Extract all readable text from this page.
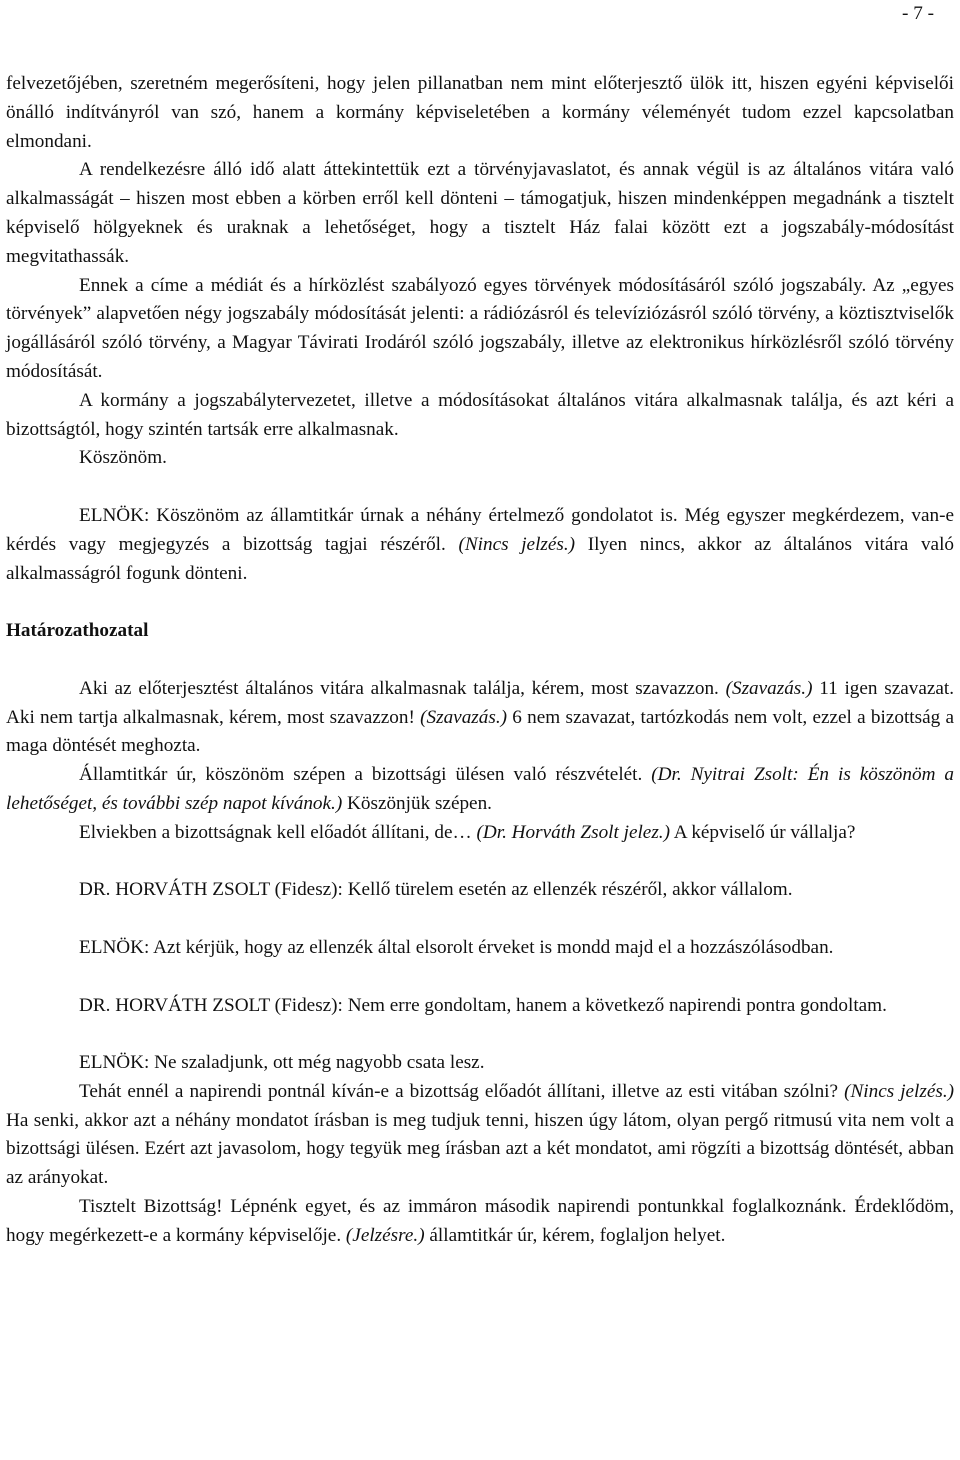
- 7 -

felvezetőjében, szeretném megerősíteni, hogy jelen pillanatban nem mint előterjesztő ülök itt, hiszen egyéni képviselői önálló indítványról van szó, hanem a kormány képviseletében a kormány véleményét tudom ezzel kapcsolatban elmondani.

A rendelkezésre álló idő alatt áttekintettük ezt a törvényjavaslatot, és annak végül is az általános vitára való alkalmasságát – hiszen most ebben a körben erről kell dönteni – támogatjuk, hiszen mindenképpen megadnánk a tisztelt képviselő hölgyeknek és uraknak a lehetőséget, hogy a tisztelt Ház falai között ezt a jogszabály-módosítást megvitathassák.

Ennek a címe a médiát és a hírközlést szabályozó egyes törvények módosításáról szóló jogszabály. Az „egyes törvények” alapvetően négy jogszabály módosítását jelenti: a rádiózásról és televíziózásról szóló törvény, a köztisztviselők jogállásáról szóló törvény, a Magyar Távirati Irodáról szóló jogszabály, illetve az elektronikus hírközlésről szóló törvény módosítását.

A kormány a jogszabálytervezetet, illetve a módosításokat általános vitára alkalmasnak találja, és azt kéri a bizottságtól, hogy szintén tartsák erre alkalmasnak.

Köszönöm.

ELNÖK: Köszönöm az államtitkár úrnak a néhány értelmező gondolatot is. Még egyszer megkérdezem, van-e kérdés vagy megjegyzés a bizottság tagjai részéről. (Nincs jelzés.) Ilyen nincs, akkor az általános vitára való alkalmasságról fogunk dönteni.

Határozathozatal

Aki az előterjesztést általános vitára alkalmasnak találja, kérem, most szavazzon. (Szavazás.) 11 igen szavazat. Aki nem tartja alkalmasnak, kérem, most szavazzon! (Szavazás.) 6 nem szavazat, tartózkodás nem volt, ezzel a bizottság a maga döntését meghozta.

Államtitkár úr, köszönöm szépen a bizottsági ülésen való részvételét. (Dr. Nyitrai Zsolt: Én is köszönöm a lehetőséget, és további szép napot kívánok.) Köszönjük szépen.

Elviekben a bizottságnak kell előadót állítani, de… (Dr. Horváth Zsolt jelez.) A képviselő úr vállalja?

DR. HORVÁTH ZSOLT (Fidesz): Kellő türelem esetén az ellenzék részéről, akkor vállalom.

ELNÖK: Azt kérjük, hogy az ellenzék által elsorolt érveket is mondd majd el a hozzászólásodban.

DR. HORVÁTH ZSOLT (Fidesz): Nem erre gondoltam, hanem a következő napirendi pontra gondoltam.

ELNÖK: Ne szaladjunk, ott még nagyobb csata lesz.

Tehát ennél a napirendi pontnál kíván-e a bizottság előadót állítani, illetve az esti vitában szólni? (Nincs jelzés.) Ha senki, akkor azt a néhány mondatot írásban is meg tudjuk tenni, hiszen úgy látom, olyan pergő ritmusú vita nem volt a bizottsági ülésen. Ezért azt javasolom, hogy tegyük meg írásban azt a két mondatot, ami rögzíti a bizottság döntését, abban az arányokat.

Tisztelt Bizottság! Lépnénk egyet, és az immáron második napirendi pontunkkal foglalkoznánk. Érdeklődöm, hogy megérkezett-e a kormány képviselője. (Jelzésre.) államtitkár úr, kérem, foglaljon helyet.
